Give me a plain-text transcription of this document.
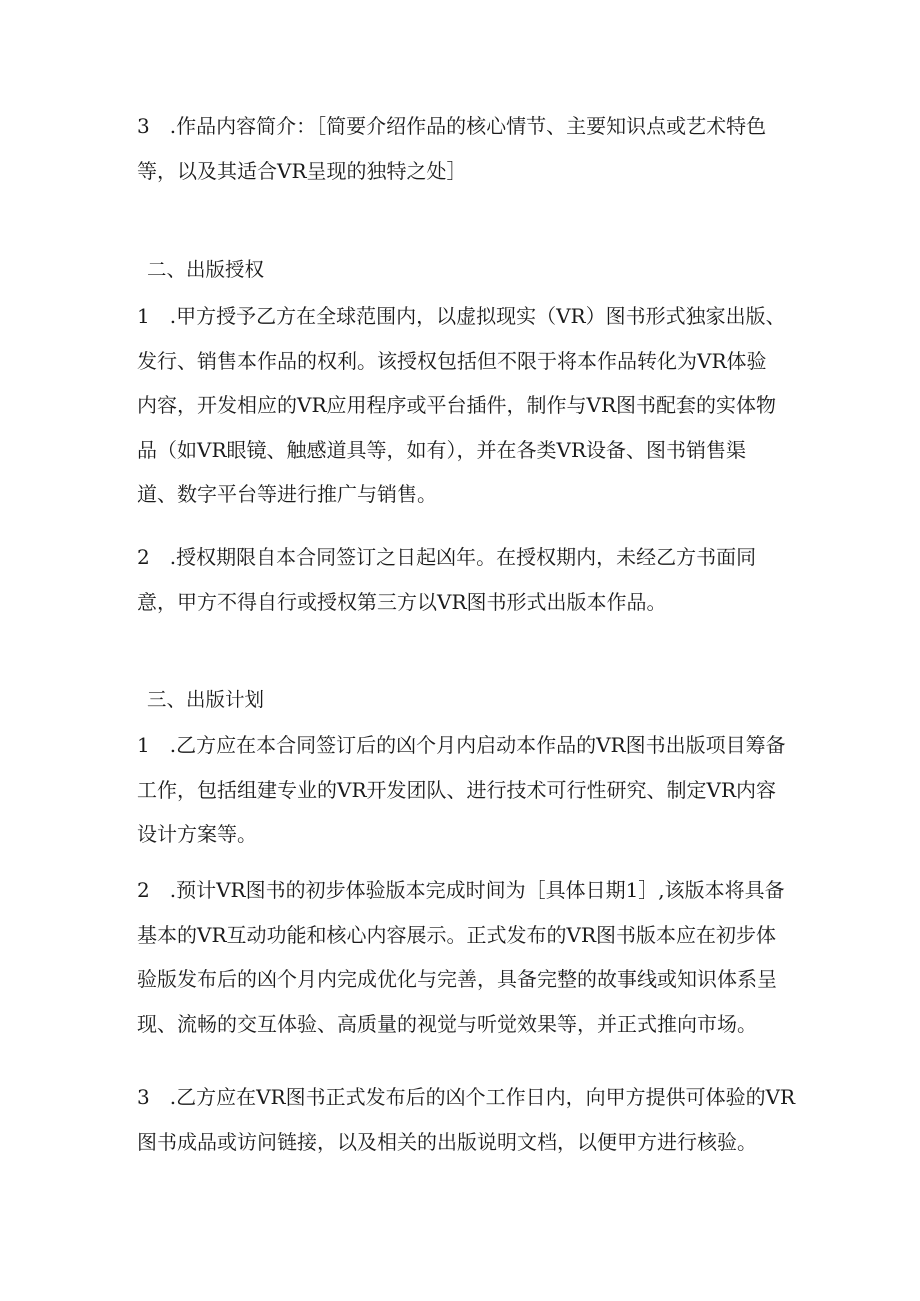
3　.作品内容简介：［简要介绍作品的核心情节、主要知识点或艺术特色
等，以及其适合VR呈现的独特之处］
二、出版授权
1　.甲方授予乙方在全球范围内，以虚拟现实（VR）图书形式独家出版、
发行、销售本作品的权利。该授权包括但不限于将本作品转化为VR体验
内容，开发相应的VR应用程序或平台插件，制作与VR图书配套的实体物
品（如VR眼镜、触感道具等，如有），并在各类VR设备、图书销售渠
道、数字平台等进行推广与销售。
2　.授权期限自本合同签订之日起凶年。在授权期内，未经乙方书面同
意，甲方不得自行或授权第三方以VR图书形式出版本作品。
三、出版计划
1　.乙方应在本合同签订后的凶个月内启动本作品的VR图书出版项目筹备
工作，包括组建专业的VR开发团队、进行技术可行性研究、制定VR内容
设计方案等。
2　.预计VR图书的初步体验版本完成时间为［具体日期1］,该版本将具备
基本的VR互动功能和核心内容展示。正式发布的VR图书版本应在初步体
验版发布后的凶个月内完成优化与完善，具备完整的故事线或知识体系呈
现、流畅的交互体验、高质量的视觉与听觉效果等，并正式推向市场。
3　.乙方应在VR图书正式发布后的凶个工作日内，向甲方提供可体验的VR
图书成品或访问链接，以及相关的出版说明文档，以便甲方进行核验。
